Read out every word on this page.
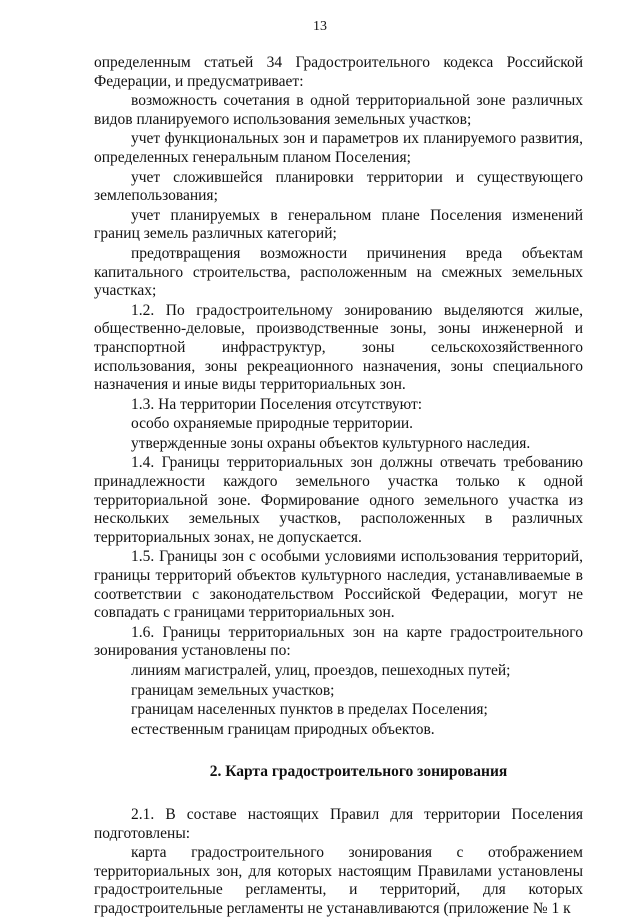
13

определенным статьей 34 Градостроительного кодекса Российской Федерации, и предусматривает:

возможность сочетания в одной территориальной зоне различных видов планируемого использования земельных участков;

учет функциональных зон и параметров их планируемого развития, определенных генеральным планом Поселения;

учет сложившейся планировки территории и существующего землепользования;

учет планируемых в генеральном плане Поселения изменений границ земель различных категорий;

предотвращения возможности причинения вреда объектам капитального строительства, расположенным на смежных земельных участках;

1.2. По градостроительному зонированию выделяются жилые, общественно-деловые, производственные зоны, зоны инженерной и транспортной инфраструктур, зоны сельскохозяйственного использования, зоны рекреационного назначения, зоны специального назначения и иные виды территориальных зон.

1.3. На территории Поселения отсутствуют:

особо охраняемые природные территории.

утвержденные зоны охраны объектов культурного наследия.

1.4. Границы территориальных зон должны отвечать требованию принадлежности каждого земельного участка только к одной территориальной зоне. Формирование одного земельного участка из нескольких земельных участков, расположенных в различных территориальных зонах, не допускается.

1.5. Границы зон с особыми условиями использования территорий, границы территорий объектов культурного наследия, устанавливаемые в соответствии с законодательством Российской Федерации, могут не совпадать с границами территориальных зон.

1.6. Границы территориальных зон на карте градостроительного зонирования установлены по:

линиям магистралей, улиц, проездов, пешеходных путей;

границам земельных участков;

границам населенных пунктов в пределах Поселения;

естественным границам природных объектов.

2. Карта градостроительного зонирования

2.1. В составе настоящих Правил для территории Поселения подготовлены:

карта градостроительного зонирования с отображением территориальных зон, для которых настоящим Правилами установлены градостроительные регламенты, и территорий, для которых градостроительные регламенты не устанавливаются (приложение № 1 к
